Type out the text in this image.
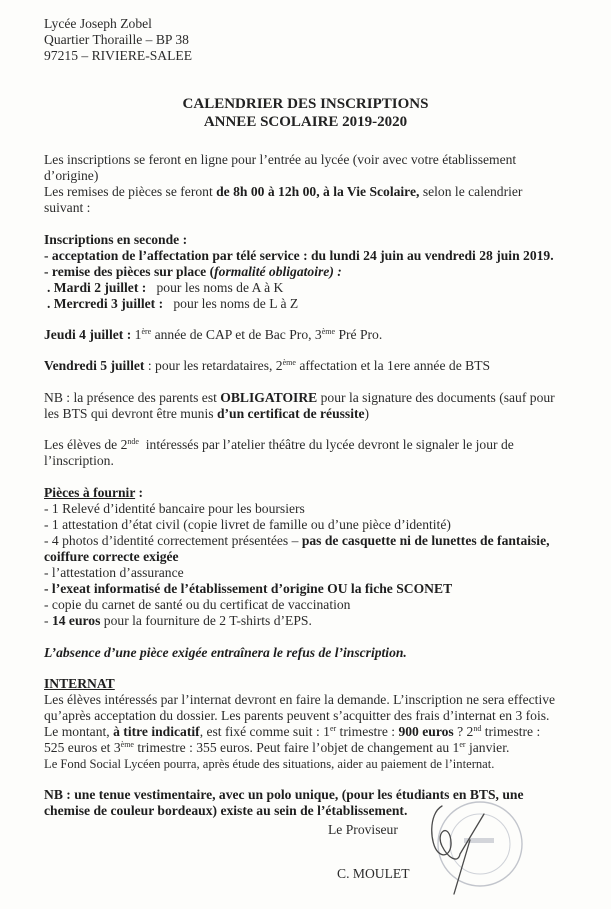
Lycée Joseph Zobel
Quartier Thoraille – BP 38
97215 – RIVIERE-SALEE
CALENDRIER DES INSCRIPTIONS
ANNEE SCOLAIRE 2019-2020
Les inscriptions se feront en ligne pour l’entrée au lycée (voir avec votre établissement
d’origine)
Les remises de pièces se feront de 8h 00 à 12h 00, à la Vie Scolaire, selon le calendrier
suivant :
Inscriptions en seconde :
- acceptation de l’affectation par télé service : du lundi 24 juin au vendredi 28 juin 2019.
- remise des pièces sur place (formalité obligatoire) :
. Mardi 2 juillet : pour les noms de A à K
. Mercredi 3 juillet : pour les noms de L à Z
Jeudi 4 juillet : 1ère année de CAP et de Bac Pro, 3ème Pré Pro.
Vendredi 5 juillet : pour les retardataires, 2ème affectation et la 1ere année de BTS
NB : la présence des parents est OBLIGATOIRE pour la signature des documents (sauf pour
les BTS qui devront être munis d’un certificat de réussite)
Les élèves de 2nde  intéressés par l’atelier théâtre du lycée devront le signaler le jour de
l’inscription.
Pièces à fournir :
- 1 Relevé d’identité bancaire pour les boursiers
- 1 attestation d’état civil (copie livret de famille ou d’une pièce d’identité)
- 4 photos d’identité correctement présentées – pas de casquette ni de lunettes de fantaisie,
coiffure correcte exigée
- l’attestation d’assurance
- l’exeat informatisé de l’établissement d’origine OU la fiche SCONET
- copie du carnet de santé ou du certificat de vaccination
- 14 euros pour la fourniture de 2 T-shirts d’EPS.
L’absence d’une pièce exigée entraînera le refus de l’inscription.
INTERNAT
Les élèves intéressés par l’internat devront en faire la demande. L’inscription ne sera effective
qu’après acceptation du dossier. Les parents peuvent s’acquitter des frais d’internat en 3 fois.
Le montant, à titre indicatif, est fixé comme suit : 1er trimestre : 900 euros ? 2nd trimestre :
525 euros et 3ème trimestre : 355 euros. Peut faire l’objet de changement au 1er janvier.
Le Fond Social Lycéen pourra, après étude des situations, aider au paiement de l’internat.
NB : une tenue vestimentaire, avec un polo unique, (pour les étudiants en BTS, une
chemise de couleur bordeaux) existe au sein de l’établissement.
Le Proviseur
C. MOULET
